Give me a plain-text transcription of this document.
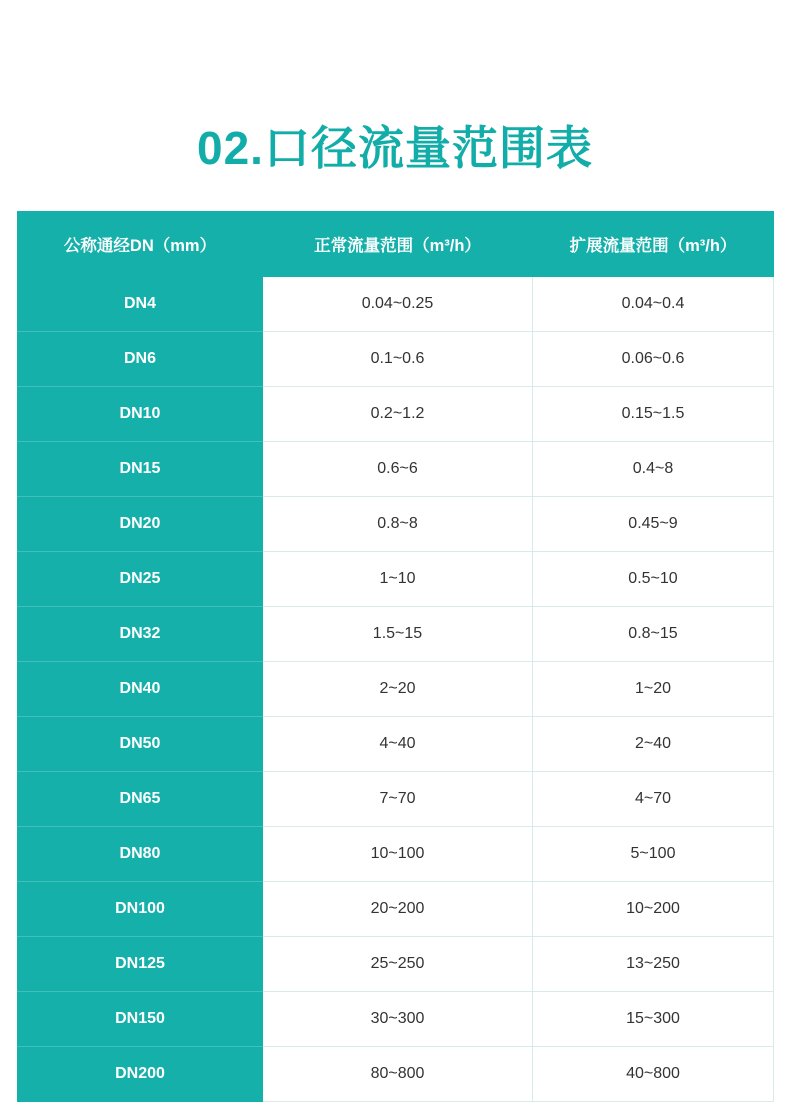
02.口径流量范围表
公称通经DN（mm）	正常流量范围（m³/h）	扩展流量范围（m³/h）
DN4	0.04~0.25	0.04~0.4
DN6	0.1~0.6	0.06~0.6
DN10	0.2~1.2	0.15~1.5
DN15	0.6~6	0.4~8
DN20	0.8~8	0.45~9
DN25	1~10	0.5~10
DN32	1.5~15	0.8~15
DN40	2~20	1~20
DN50	4~40	2~40
DN65	7~70	4~70
DN80	10~100	5~100
DN100	20~200	10~200
DN125	25~250	13~250
DN150	30~300	15~300
DN200	80~800	40~800
